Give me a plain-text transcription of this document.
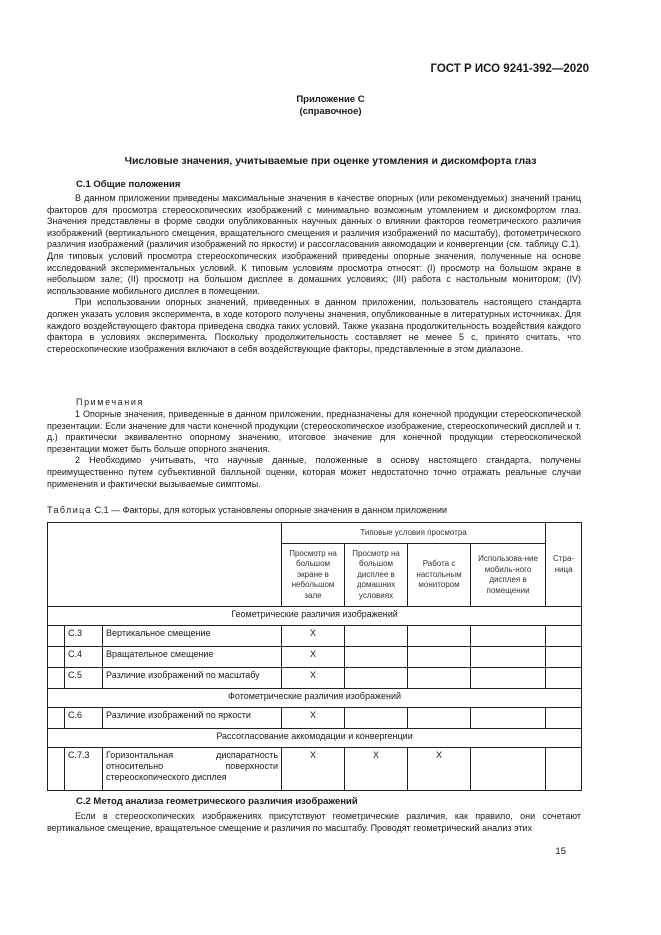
ГОСТ Р ИСО 9241-392—2020
Приложение С
(справочное)
Числовые значения, учитываемые при оценке утомления и дискомфорта глаз
С.1 Общие положения

В данном приложении приведены максимальные значения в качестве опорных (или рекомендуемых) значений границ факторов для просмотра стереоскопических изображений с минимально возможным утомлением и дискомфортом глаз. Значения представлены в форме сводки опубликованных научных данных о влиянии факторов геометрического различия изображений (вертикального смещения, вращательного смещения и различия изображений по масштабу), фотометрического различия изображений (различия изображений по яркости) и рассогласования аккомодации и конвергенции (см. таблицу С.1). Для типовых условий просмотра стереоскопических изображений приведены опорные значения, полученные на основе исследований экспериментальных условий. К типовым условиям просмотра относят: (I) просмотр на большом экране в небольшом зале; (II) просмотр на большом дисплее в домашних условиях; (III) работа с настольным монитором; (IV) использование мобильного дисплея в помещении.

При использовании опорных значений, приведенных в данном приложении, пользователь настоящего стандарта должен указать условия эксперимента, в ходе которого получены значения, опубликованные в литературных источниках. Для каждого воздействующего фактора приведена сводка таких условий. Также указана продолжительность воздействия каждого фактора в условиях эксперимента. Поскольку продолжительность составляет не менее 5 с, принято считать, что стереоскопические изображения включают в себя воздействующие факторы, представленные в этом диапазоне.

Примечания

1 Опорные значения, приведенные в данном приложении, предназначены для конечной продукции стереоскопической презентации. Если значение для части конечной продукции (стереоскопическое изображение, стереоскопический дисплей и т. д.) практически эквивалентно опорному значению, итоговое значение для конечной продукции стереоскопической презентации может быть больше опорного значения.

2 Необходимо учитывать, что научные данные, положенные в основу настоящего стандарта, получены преимущественно путем субъективной балльной оценки, которая может недостаточно точно отражать реальные случаи применения и фактически вызываемые симптомы.

Таблица С.1 — Факторы, для которых установлены опорные значения в данном приложении
			Типовые условия просмотра				Стра-ница
			Просмотр на большом экране в небольшом зале	Просмотр на большом дисплее в домашних условиях	Работа с настольным монитором	Использова-ние мобиль-ного дисплея в помещении	
Геометрические различия изображений							
	С.3	Вертикальное смещение	X				
	С.4	Вращательное смещение	X				
	С.5	Различие изображений по масштабу	X				
Фотометрические различия изображений							
	С.6	Различие изображений по яркости	X				
Рассогласование аккомодации и конвергенции							
	С.7.3	Горизонтальная диспаратность относительно поверхности стереоскопического дисплея	X	X	X		
С.2 Метод анализа геометрического различия изображений

Если в стереоскопических изображениях присутствуют геометрические различия, как правило, они сочетают вертикальное смещение, вращательное смещение и различия по масштабу. Проводят геометрический анализ этих

15
